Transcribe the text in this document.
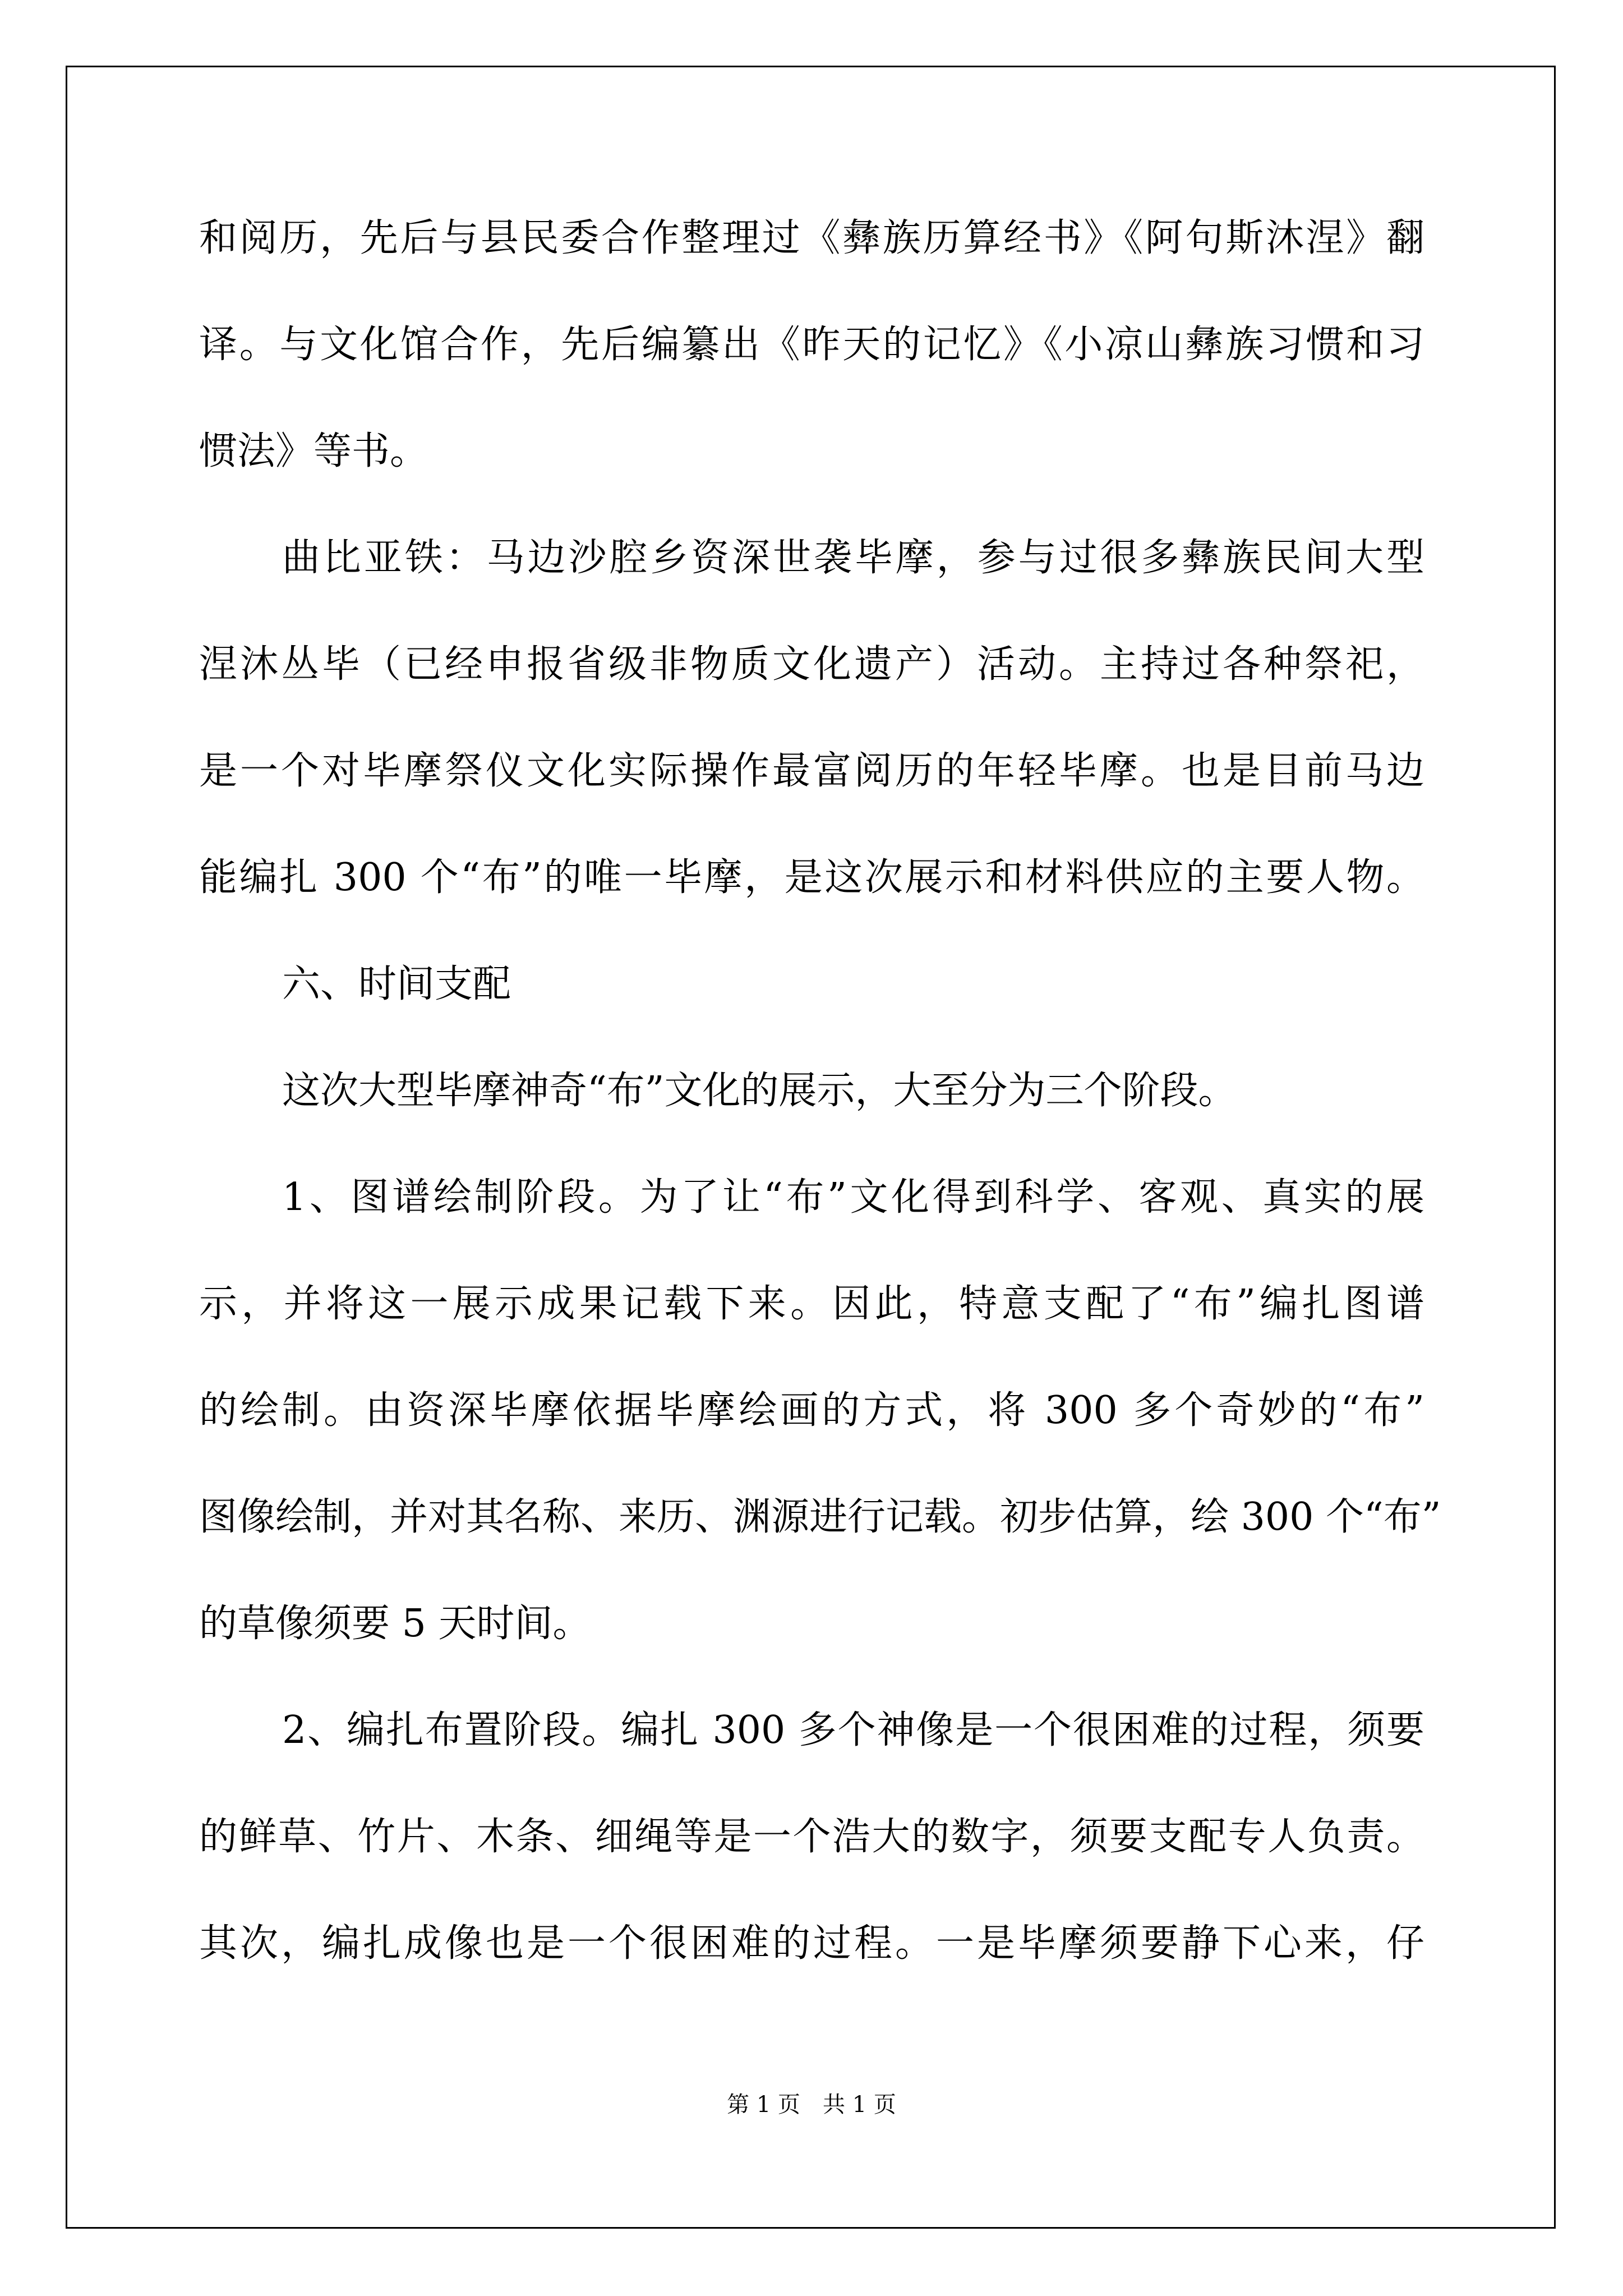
和阅历，先后与县民委合作整理过《彝族历算经书》《阿句斯沐涅》翻
译。与文化馆合作，先后编纂出《昨天的记忆》《小凉山彝族习惯和习
惯法》等书。
曲比亚铁：马边沙腔乡资深世袭毕摩，参与过很多彝族民间大型
涅沐丛毕（已经申报省级非物质文化遗产）活动。主持过各种祭祀，
是一个对毕摩祭仪文化实际操作最富阅历的年轻毕摩。也是目前马边
能编扎 300 个“布”的唯一毕摩，是这次展示和材料供应的主要人物。
六、时间支配
这次大型毕摩神奇“布”文化的展示，大至分为三个阶段。
1、图谱绘制阶段。为了让“布”文化得到科学、客观、真实的展
示，并将这一展示成果记载下来。因此，特意支配了“布”编扎图谱
的绘制。由资深毕摩依据毕摩绘画的方式，将 300 多个奇妙的“布”
图像绘制，并对其名称、来历、渊源进行记载。初步估算，绘 300 个“布”
的草像须要 5 天时间。
2、编扎布置阶段。编扎 300 多个神像是一个很困难的过程，须要
的鲜草、竹片、木条、细绳等是一个浩大的数字，须要支配专人负责。
其次，编扎成像也是一个很困难的过程。一是毕摩须要静下心来，仔
第 1 页　共 1 页
